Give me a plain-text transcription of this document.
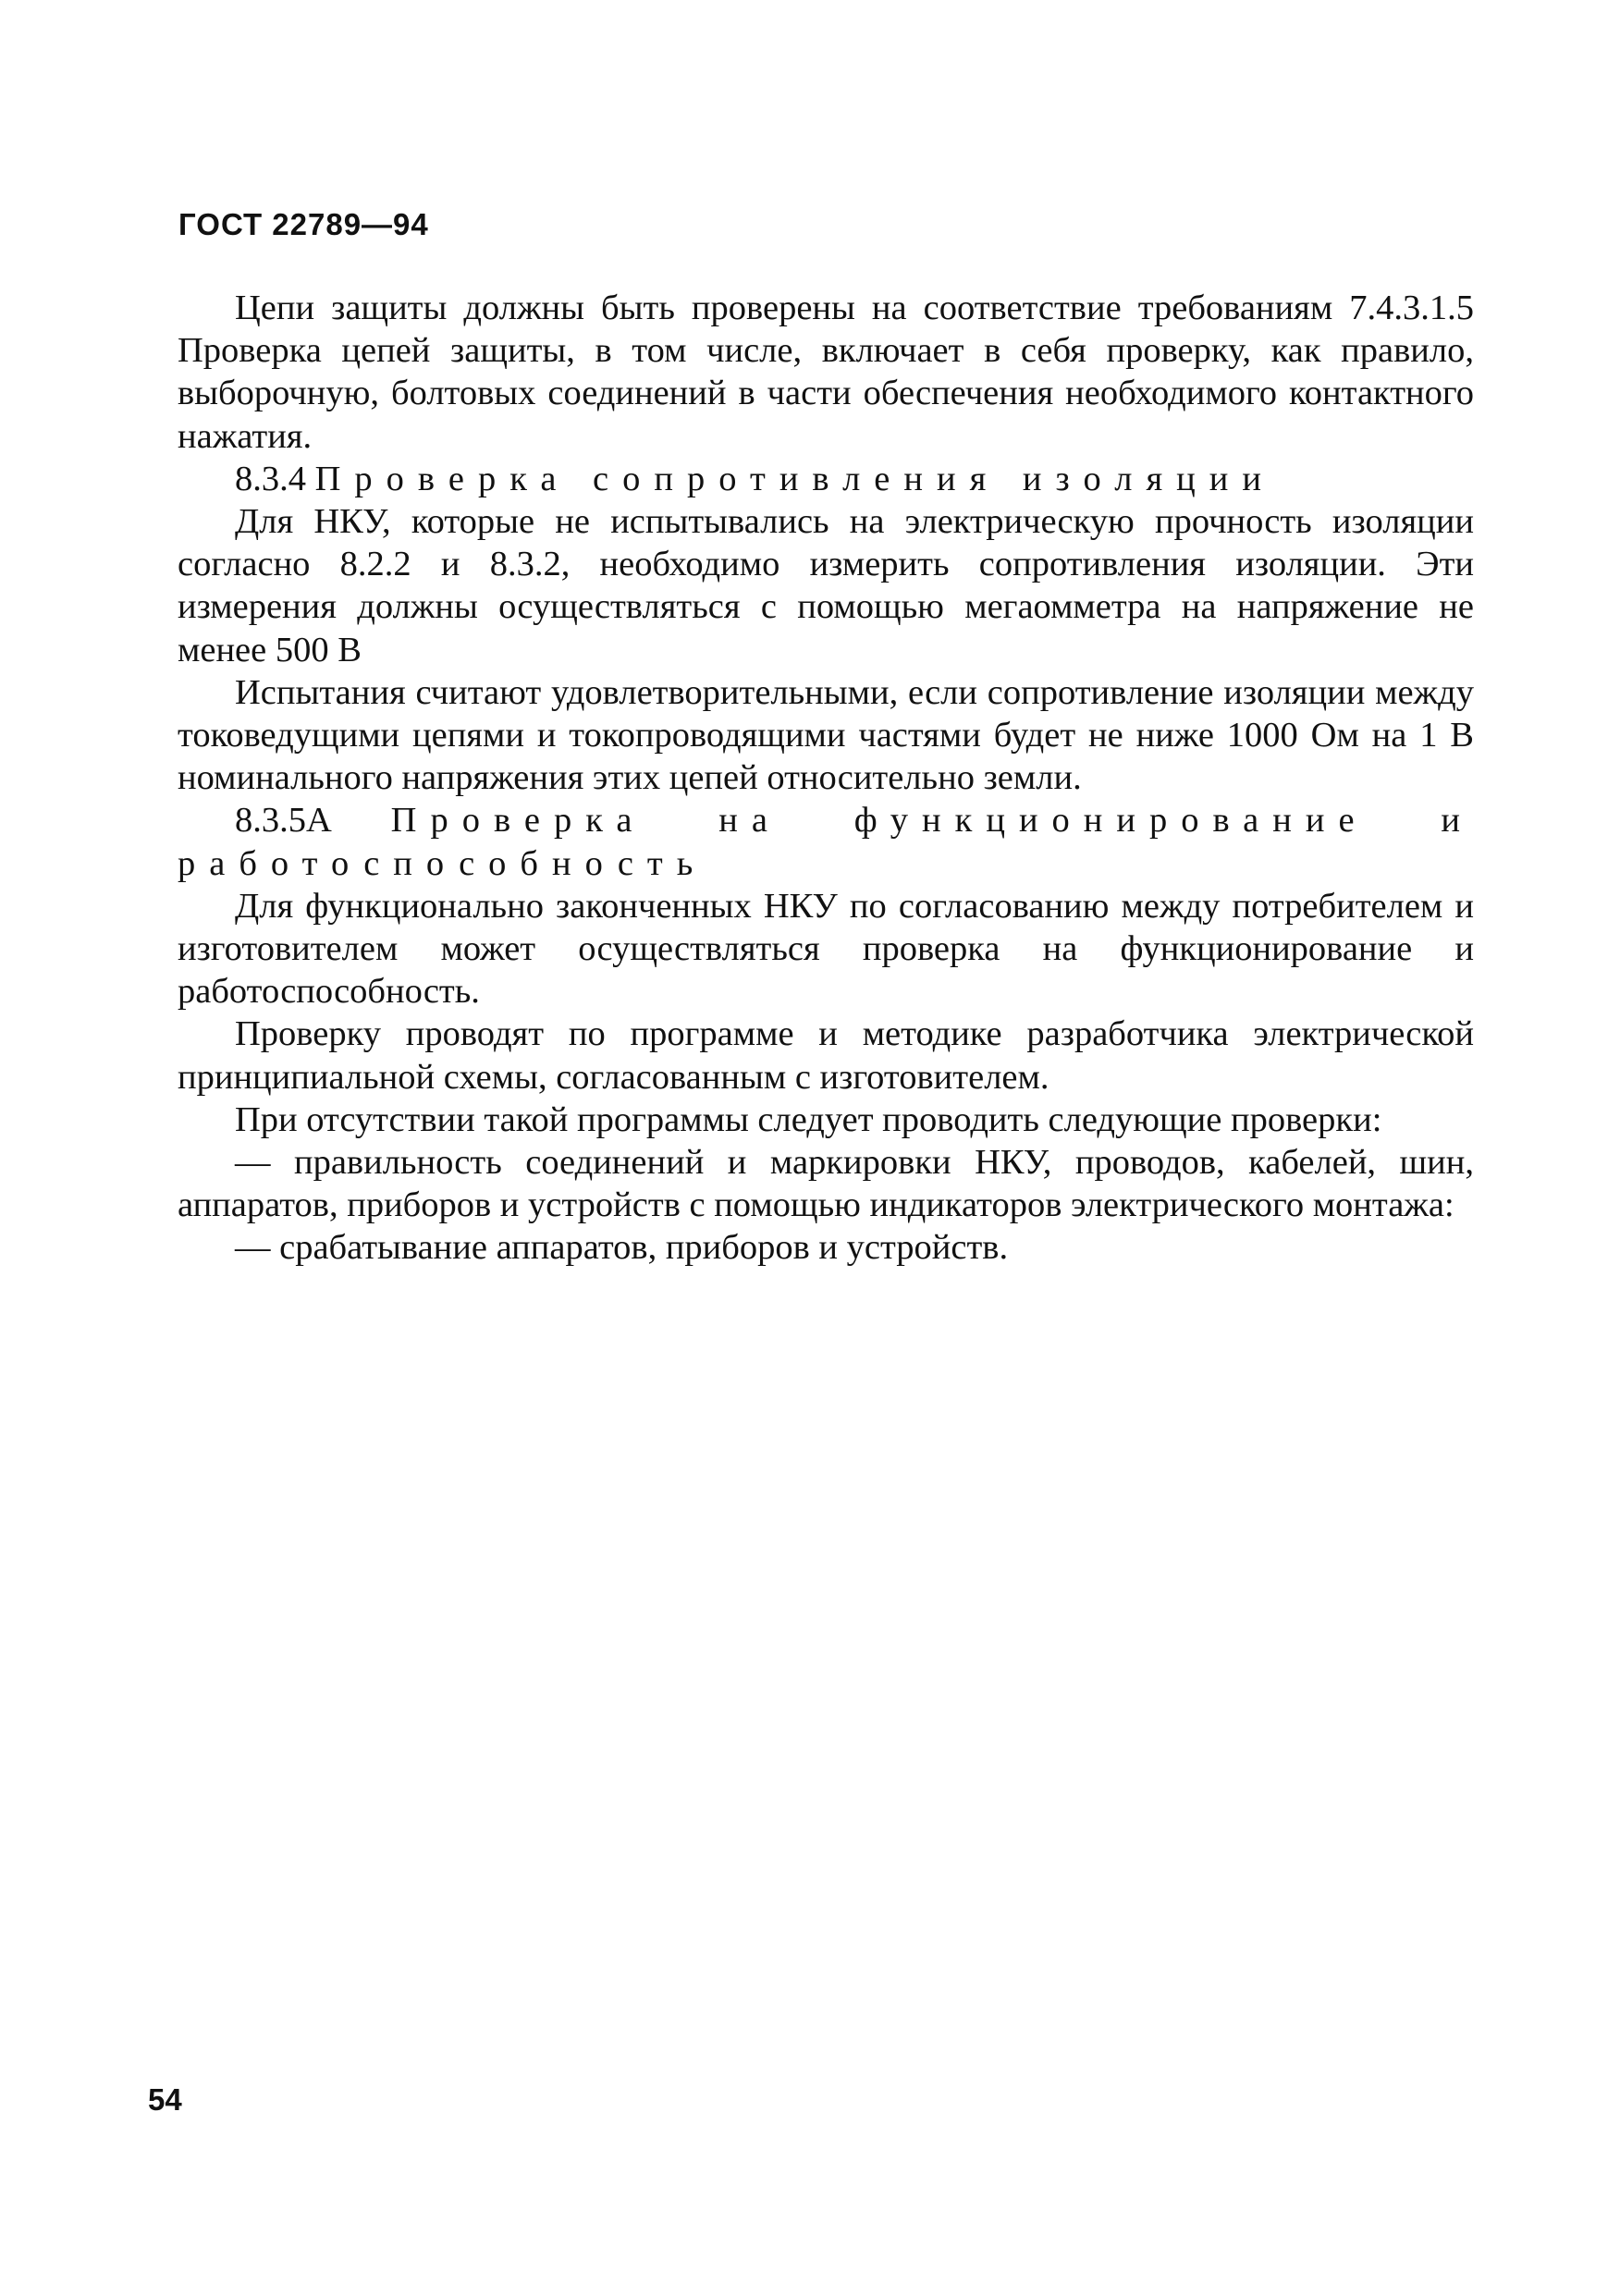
ГОСТ 22789—94

Цепи защиты должны быть проверены на соответствие требованиям 7.4.3.1.5 Проверка цепей защиты, в том числе, включает в себя проверку, как правило, выборочную, болтовых соединений в части обеспечения необходимого контактного нажатия.

8.3.4 Проверка сопротивления изоляции

Для НКУ, которые не испытывались на электрическую прочность изоляции согласно 8.2.2 и 8.3.2, необходимо измерить сопротивления изоляции. Эти измерения должны осуществляться с помощью мегаомметра на напряжение не менее 500 В

Испытания считают удовлетворительными, если сопротивление изоляции между токоведущими цепями и токопроводящими частями будет не ниже 1000 Ом на 1 В номинального напряжения этих цепей относительно земли.

8.3.5А Проверка на функционирование и работоспособность

Для функционально законченных НКУ по согласованию между потребителем и изготовителем может осуществляться проверка на функционирование и работоспособность.

Проверку проводят по программе и методике разработчика электрической принципиальной схемы, согласованным с изготовителем.

При отсутствии такой программы следует проводить следующие проверки:

— правильность соединений и маркировки НКУ, проводов, кабелей, шин, аппаратов, приборов и устройств с помощью индикаторов электрического монтажа:

— срабатывание аппаратов, приборов и устройств.

54
